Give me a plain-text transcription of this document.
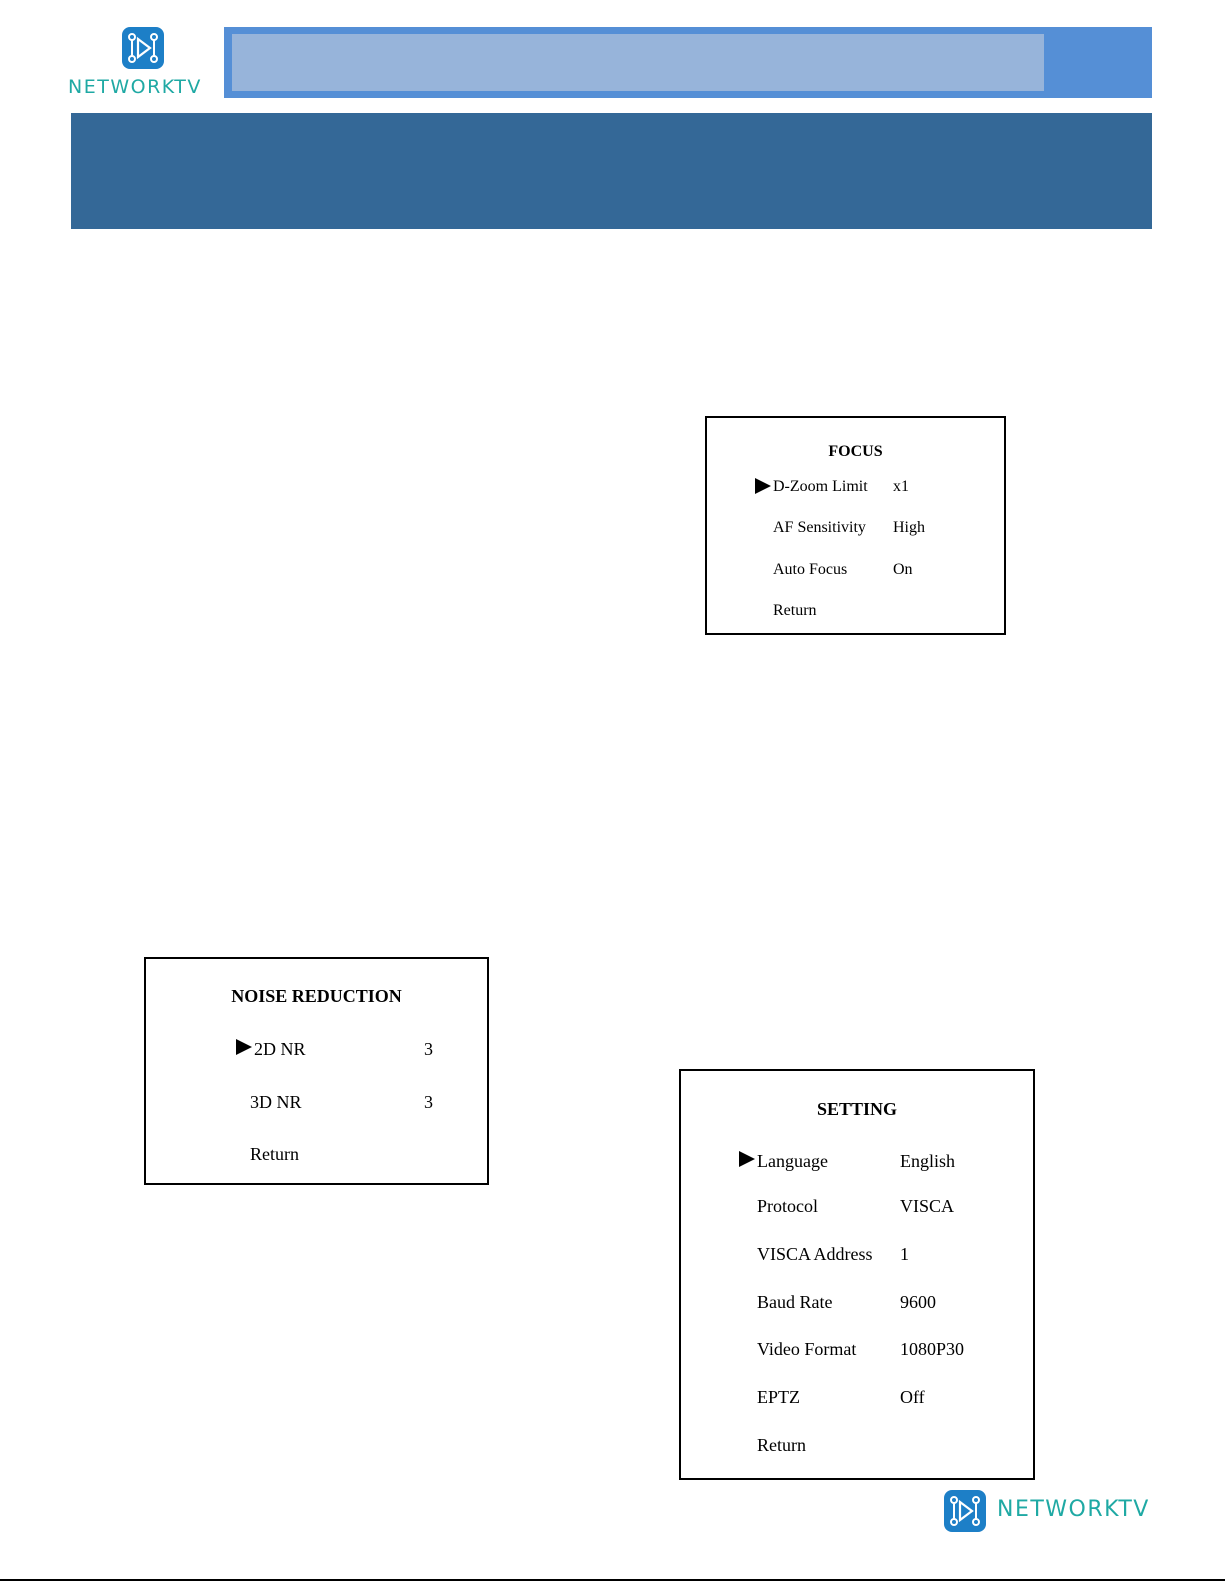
NETWORKTV
FOCUS
D-Zoom Limit x1
AF Sensitivity High
Auto Focus	On
Return
NOISE REDUCTION
2D NR	3
3D NR	3
Return
SETTING
Language	English
Protocol	VISCA
VISCA Address 1
Baud Rate	9600
Video Format 1080P30
EPTZ	Off
Return
NETWORKTV
